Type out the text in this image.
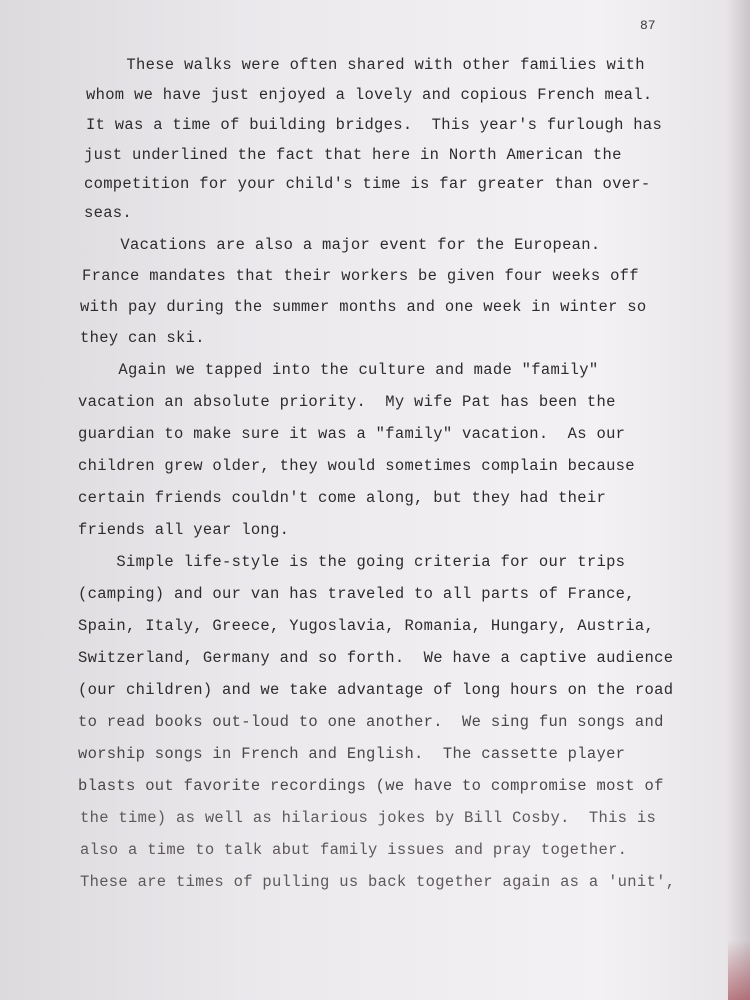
87
These walks were often shared with other families with
whom we have just enjoyed a lovely and copious French meal.
It was a time of building bridges.  This year's furlough has
just underlined the fact that here in North American the
competition for your child's time is far greater than over-
seas.
Vacations are also a major event for the European.
France mandates that their workers be given four weeks off
with pay during the summer months and one week in winter so
they can ski.
Again we tapped into the culture and made "family"
vacation an absolute priority.  My wife Pat has been the
guardian to make sure it was a "family" vacation.  As our
children grew older, they would sometimes complain because
certain friends couldn't come along, but they had their
friends all year long.
Simple life-style is the going criteria for our trips
(camping) and our van has traveled to all parts of France,
Spain, Italy, Greece, Yugoslavia, Romania, Hungary, Austria,
Switzerland, Germany and so forth.  We have a captive audience
(our children) and we take advantage of long hours on the road
to read books out-loud to one another.  We sing fun songs and
worship songs in French and English.  The cassette player
blasts out favorite recordings (we have to compromise most of
the time) as well as hilarious jokes by Bill Cosby.  This is
also a time to talk abut family issues and pray together.
These are times of pulling us back together again as a 'unit',
